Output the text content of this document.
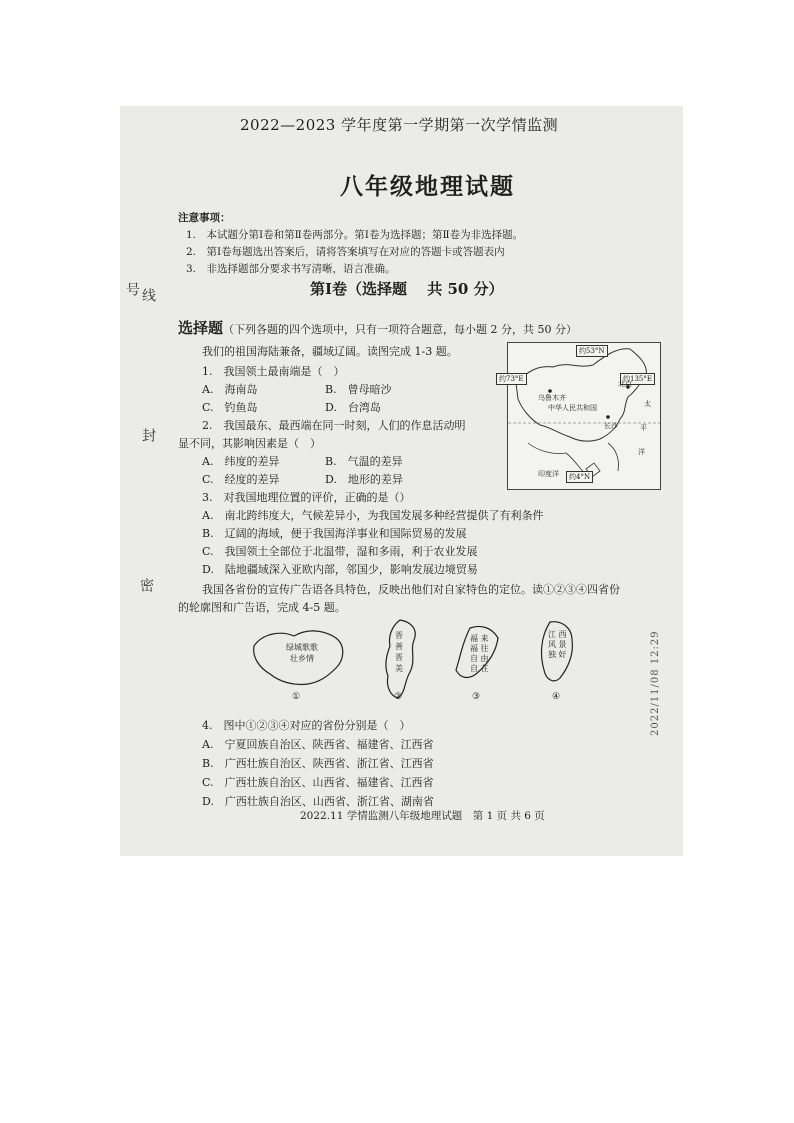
号 线
封
密
2022—2023 学年度第一学期第一次学情监测
八年级地理试题
注意事项：
1.　本试题分第Ⅰ卷和第Ⅱ卷两部分。第Ⅰ卷为选择题；第Ⅱ卷为非选择题。
2.　第Ⅰ卷每题选出答案后，请将答案填写在对应的答题卡或答题表内
3.　非选择题部分要求书写清晰，语言准确。
第Ⅰ卷（选择题　 共 50 分）
选择题（下列各题的四个选项中，只有一项符合题意，每小题 2 分，共 50 分）
我们的祖国海陆兼备，疆域辽阔。读图完成 1-3 题。
1.　我国领土最南端是（　）
A.　海南岛	B.　曾母暗沙
C.　钓鱼岛	D.　台湾岛
2.　我国最东、最西端在同一时刻，人们的作息活动明
显不同，其影响因素是（　）
A.　纬度的差异	B.　气温的差异
C.　经度的差异	D.　地形的差异
3.　对我国地理位置的评价，正确的是（）
A.　南北跨纬度大，气候差异小，为我国发展多种经营提供了有利条件
B.　辽阔的海域，便于我国海洋事业和国际贸易的发展
C.　我国领土全部位于北温带，湿和多雨，利于农业发展
D.　陆地疆域深入亚欧内部，邻国少，影响发展边境贸易
我国各省份的宣传广告语各具特色，反映出他们对自家特色的定位。读①②③④四省份
的轮廓图和广告语，完成 4-5 题。
约53°N
约73°E	约135°E
北京
乌鲁木齐
中华人民共和国
长沙
太
平
洋
印度洋	约4°N
绿城歌歌 壮乡情
晋 善 晋 美
福 来 福 往 自 由 自 在
江 西 风 景 独 好
①	②	③	④
4.　图中①②③④对应的省份分别是（　）
A.　宁夏回族自治区、陕西省、福建省、江西省
B.　广西壮族自治区、陕西省、浙江省、江西省
C.　广西壮族自治区、山西省、福建省、江西省
D.　广西壮族自治区、山西省、浙江省、湖南省
2022.11 学情监测八年级地理试题　第 1 页 共 6 页
2022/11/08 12:29
